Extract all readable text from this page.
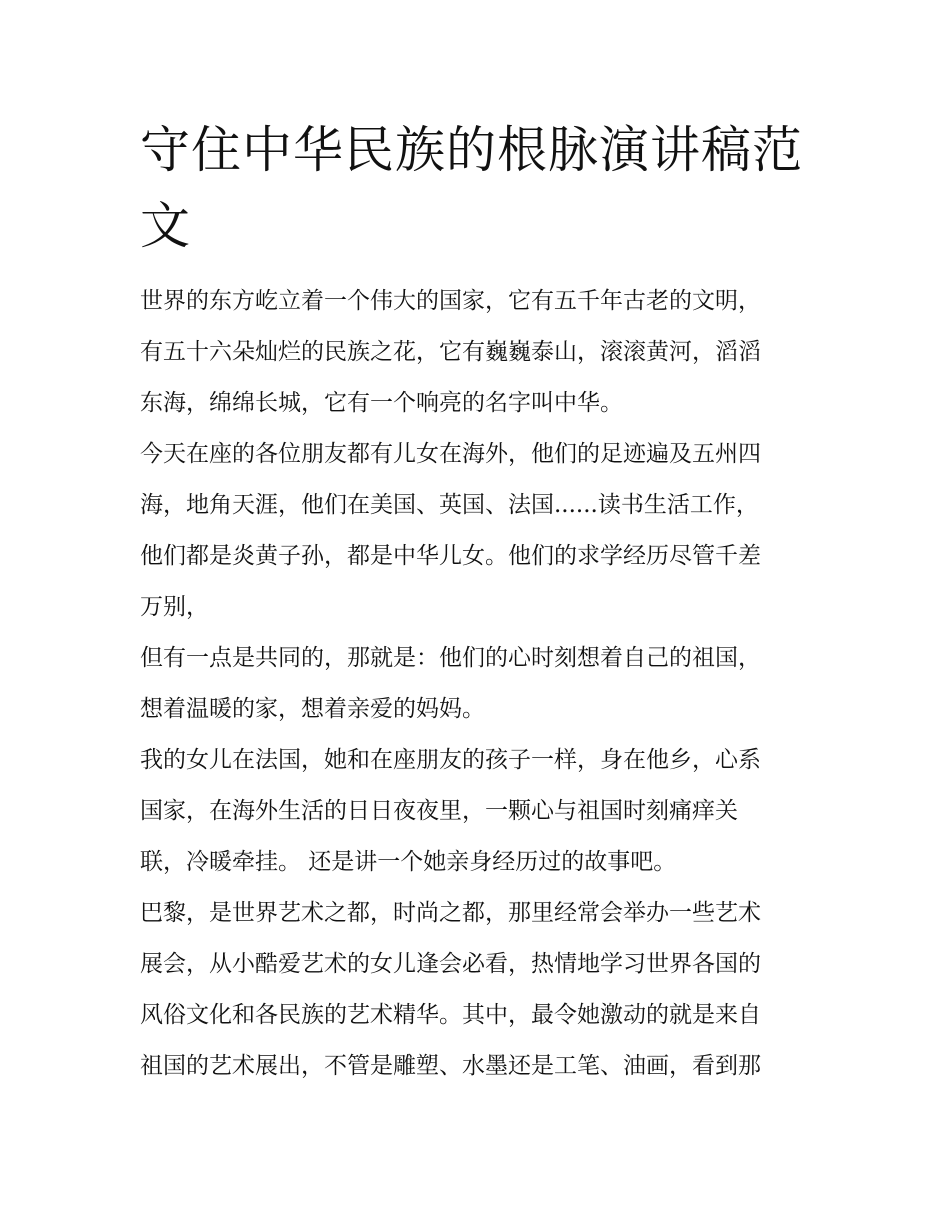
守住中华民族的根脉演讲稿范
文

世界的东方屹立着一个伟大的国家，它有五千年古老的文明，
有五十六朵灿烂的民族之花，它有巍巍泰山，滚滚黄河，滔滔
东海，绵绵长城，它有一个响亮的名字叫中华。

今天在座的各位朋友都有儿女在海外，他们的足迹遍及五州四
海，地角天涯，他们在美国、英国、法国......读书生活工作，
他们都是炎黄子孙，都是中华儿女。他们的求学经历尽管千差
万别，

但有一点是共同的，那就是：他们的心时刻想着自己的祖国，
想着温暖的家，想着亲爱的妈妈。

我的女儿在法国，她和在座朋友的孩子一样，身在他乡，心系
国家，在海外生活的日日夜夜里，一颗心与祖国时刻痛痒关
联，冷暖牵挂。 还是讲一个她亲身经历过的故事吧。

巴黎，是世界艺术之都，时尚之都，那里经常会举办一些艺术
展会，从小酷爱艺术的女儿逢会必看，热情地学习世界各国的
风俗文化和各民族的艺术精华。其中，最令她激动的就是来自
祖国的艺术展出，不管是雕塑、水墨还是工笔、油画，看到那
